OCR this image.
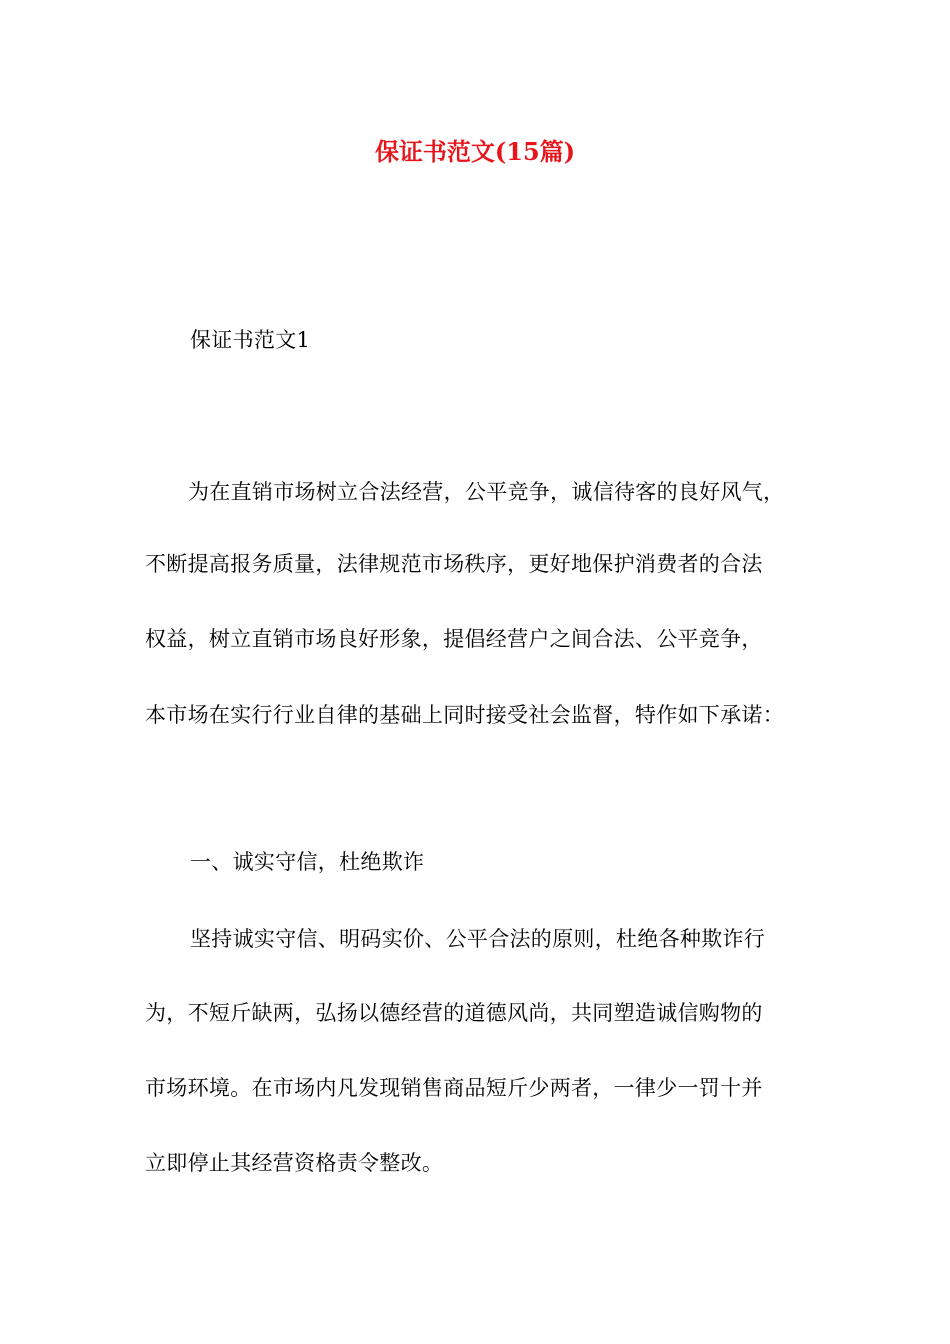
保证书范文(15篇)
保证书范文1
为在直销市场树立合法经营，公平竞争，诚信待客的良好风气，
不断提高报务质量，法律规范市场秩序，更好地保护消费者的合法
权益，树立直销市场良好形象，提倡经营户之间合法、公平竞争，
本市场在实行行业自律的基础上同时接受社会监督，特作如下承诺：
一、诚实守信，杜绝欺诈
坚持诚实守信、明码实价、公平合法的原则，杜绝各种欺诈行
为，不短斤缺两，弘扬以德经营的道德风尚，共同塑造诚信购物的
市场环境。在市场内凡发现销售商品短斤少两者，一律少一罚十并
立即停止其经营资格责令整改。
